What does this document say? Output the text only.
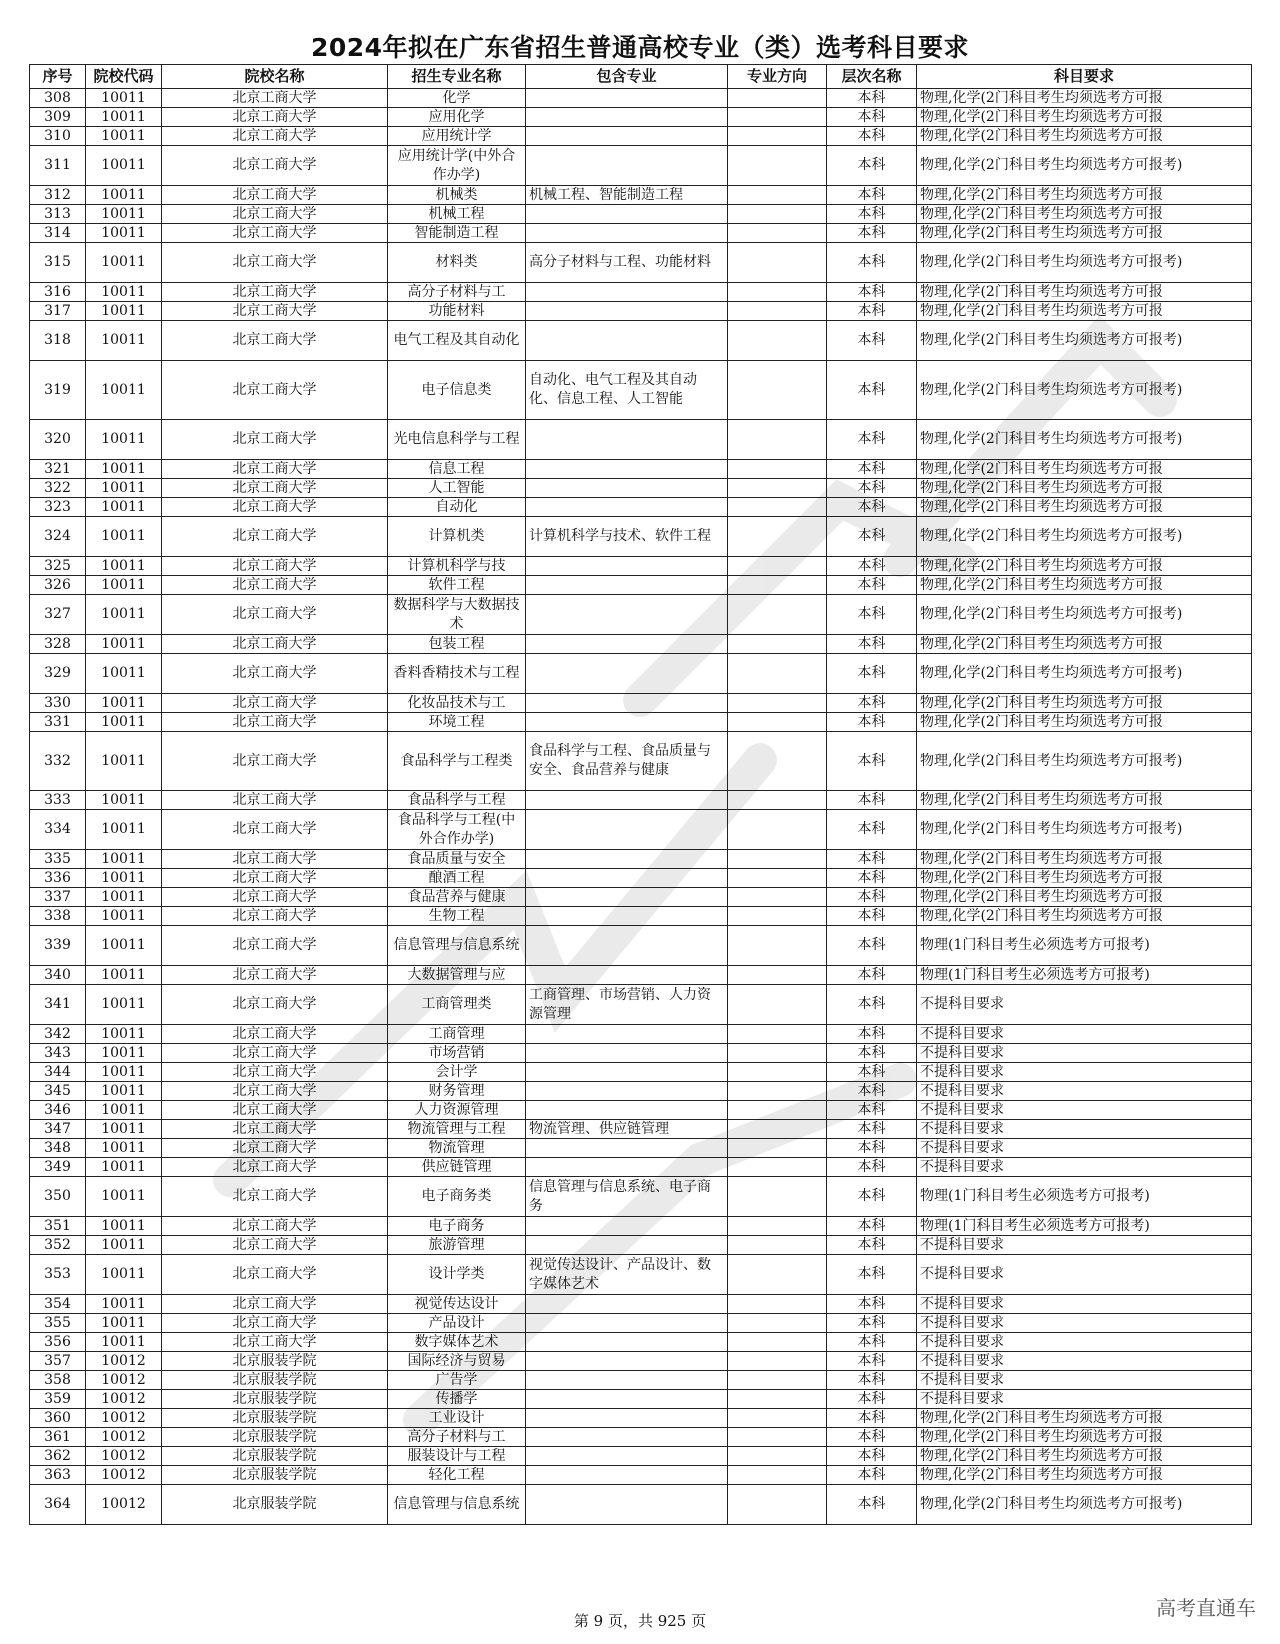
2024年拟在广东省招生普通高校专业（类）选考科目要求
序号	院校代码	院校名称	招生专业名称	包含专业	专业方向	层次名称	科目要求
308	10011	北京工商大学	化学			本科	物理,化学(2门科目考生均须选考方可报
309	10011	北京工商大学	应用化学			本科	物理,化学(2门科目考生均须选考方可报
310	10011	北京工商大学	应用统计学			本科	物理,化学(2门科目考生均须选考方可报
311	10011	北京工商大学	应用统计学(中外合作办学)			本科	物理,化学(2门科目考生均须选考方可报考)
312	10011	北京工商大学	机械类	机械工程、智能制造工程		本科	物理,化学(2门科目考生均须选考方可报
313	10011	北京工商大学	机械工程			本科	物理,化学(2门科目考生均须选考方可报
314	10011	北京工商大学	智能制造工程			本科	物理,化学(2门科目考生均须选考方可报
315	10011	北京工商大学	材料类	高分子材料与工程、功能材料		本科	物理,化学(2门科目考生均须选考方可报考)
316	10011	北京工商大学	高分子材料与工			本科	物理,化学(2门科目考生均须选考方可报
317	10011	北京工商大学	功能材料			本科	物理,化学(2门科目考生均须选考方可报
318	10011	北京工商大学	电气工程及其自动化			本科	物理,化学(2门科目考生均须选考方可报考)
319	10011	北京工商大学	电子信息类	自动化、电气工程及其自动化、信息工程、人工智能		本科	物理,化学(2门科目考生均须选考方可报考)
320	10011	北京工商大学	光电信息科学与工程			本科	物理,化学(2门科目考生均须选考方可报考)
321	10011	北京工商大学	信息工程			本科	物理,化学(2门科目考生均须选考方可报
322	10011	北京工商大学	人工智能			本科	物理,化学(2门科目考生均须选考方可报
323	10011	北京工商大学	自动化			本科	物理,化学(2门科目考生均须选考方可报
324	10011	北京工商大学	计算机类	计算机科学与技术、软件工程		本科	物理,化学(2门科目考生均须选考方可报考)
325	10011	北京工商大学	计算机科学与技			本科	物理,化学(2门科目考生均须选考方可报
326	10011	北京工商大学	软件工程			本科	物理,化学(2门科目考生均须选考方可报
327	10011	北京工商大学	数据科学与大数据技术			本科	物理,化学(2门科目考生均须选考方可报考)
328	10011	北京工商大学	包装工程			本科	物理,化学(2门科目考生均须选考方可报
329	10011	北京工商大学	香料香精技术与工程			本科	物理,化学(2门科目考生均须选考方可报考)
330	10011	北京工商大学	化妆品技术与工			本科	物理,化学(2门科目考生均须选考方可报
331	10011	北京工商大学	环境工程			本科	物理,化学(2门科目考生均须选考方可报
332	10011	北京工商大学	食品科学与工程类	食品科学与工程、食品质量与安全、食品营养与健康		本科	物理,化学(2门科目考生均须选考方可报考)
333	10011	北京工商大学	食品科学与工程			本科	物理,化学(2门科目考生均须选考方可报
334	10011	北京工商大学	食品科学与工程(中外合作办学)			本科	物理,化学(2门科目考生均须选考方可报考)
335	10011	北京工商大学	食品质量与安全			本科	物理,化学(2门科目考生均须选考方可报
336	10011	北京工商大学	酿酒工程			本科	物理,化学(2门科目考生均须选考方可报
337	10011	北京工商大学	食品营养与健康			本科	物理,化学(2门科目考生均须选考方可报
338	10011	北京工商大学	生物工程			本科	物理,化学(2门科目考生均须选考方可报
339	10011	北京工商大学	信息管理与信息系统			本科	物理(1门科目考生必须选考方可报考)
340	10011	北京工商大学	大数据管理与应			本科	物理(1门科目考生必须选考方可报考)
341	10011	北京工商大学	工商管理类	工商管理、市场营销、人力资源管理		本科	不提科目要求
342	10011	北京工商大学	工商管理			本科	不提科目要求
343	10011	北京工商大学	市场营销			本科	不提科目要求
344	10011	北京工商大学	会计学			本科	不提科目要求
345	10011	北京工商大学	财务管理			本科	不提科目要求
346	10011	北京工商大学	人力资源管理			本科	不提科目要求
347	10011	北京工商大学	物流管理与工程	物流管理、供应链管理		本科	不提科目要求
348	10011	北京工商大学	物流管理			本科	不提科目要求
349	10011	北京工商大学	供应链管理			本科	不提科目要求
350	10011	北京工商大学	电子商务类	信息管理与信息系统、电子商务		本科	物理(1门科目考生必须选考方可报考)
351	10011	北京工商大学	电子商务			本科	物理(1门科目考生必须选考方可报考)
352	10011	北京工商大学	旅游管理			本科	不提科目要求
353	10011	北京工商大学	设计学类	视觉传达设计、产品设计、数字媒体艺术		本科	不提科目要求
354	10011	北京工商大学	视觉传达设计			本科	不提科目要求
355	10011	北京工商大学	产品设计			本科	不提科目要求
356	10011	北京工商大学	数字媒体艺术			本科	不提科目要求
357	10012	北京服装学院	国际经济与贸易			本科	不提科目要求
358	10012	北京服装学院	广告学			本科	不提科目要求
359	10012	北京服装学院	传播学			本科	不提科目要求
360	10012	北京服装学院	工业设计			本科	物理,化学(2门科目考生均须选考方可报
361	10012	北京服装学院	高分子材料与工			本科	物理,化学(2门科目考生均须选考方可报
362	10012	北京服装学院	服装设计与工程			本科	物理,化学(2门科目考生均须选考方可报
363	10012	北京服装学院	轻化工程			本科	物理,化学(2门科目考生均须选考方可报
364	10012	北京服装学院	信息管理与信息系统			本科	物理,化学(2门科目考生均须选考方可报考)
第 9 页，共 925 页
高考直通车
